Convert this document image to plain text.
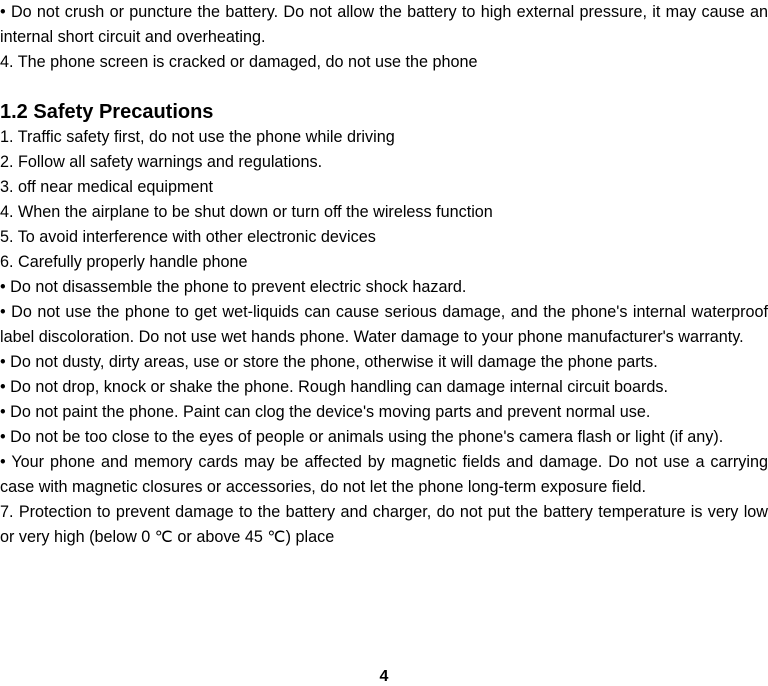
• Do not crush or puncture the battery. Do not allow the battery to high external pressure, it may cause an internal short circuit and overheating.

4. The phone screen is cracked or damaged, do not use the phone

1.2 Safety Precautions

1. Traffic safety first, do not use the phone while driving

2. Follow all safety warnings and regulations.

3. off near medical equipment

4. When the airplane to be shut down or turn off the wireless function

5. To avoid interference with other electronic devices

6. Carefully properly handle phone

• Do not disassemble the phone to prevent electric shock hazard.

• Do not use the phone to get wet-liquids can cause serious damage, and the phone's internal waterproof label discoloration. Do not use wet hands phone. Water damage to your phone manufacturer's warranty.

• Do not dusty, dirty areas, use or store the phone, otherwise it will damage the phone parts.

• Do not drop, knock or shake the phone. Rough handling can damage internal circuit boards.

• Do not paint the phone. Paint can clog the device's moving parts and prevent normal use.

• Do not be too close to the eyes of people or animals using the phone's camera flash or light (if any).

• Your phone and memory cards may be affected by magnetic fields and damage. Do not use a carrying case with magnetic closures or accessories, do not let the phone long-term exposure field.

7. Protection to prevent damage to the battery and charger, do not put the battery temperature is very low or very high (below 0 ℃ or above 45 ℃) place

4
